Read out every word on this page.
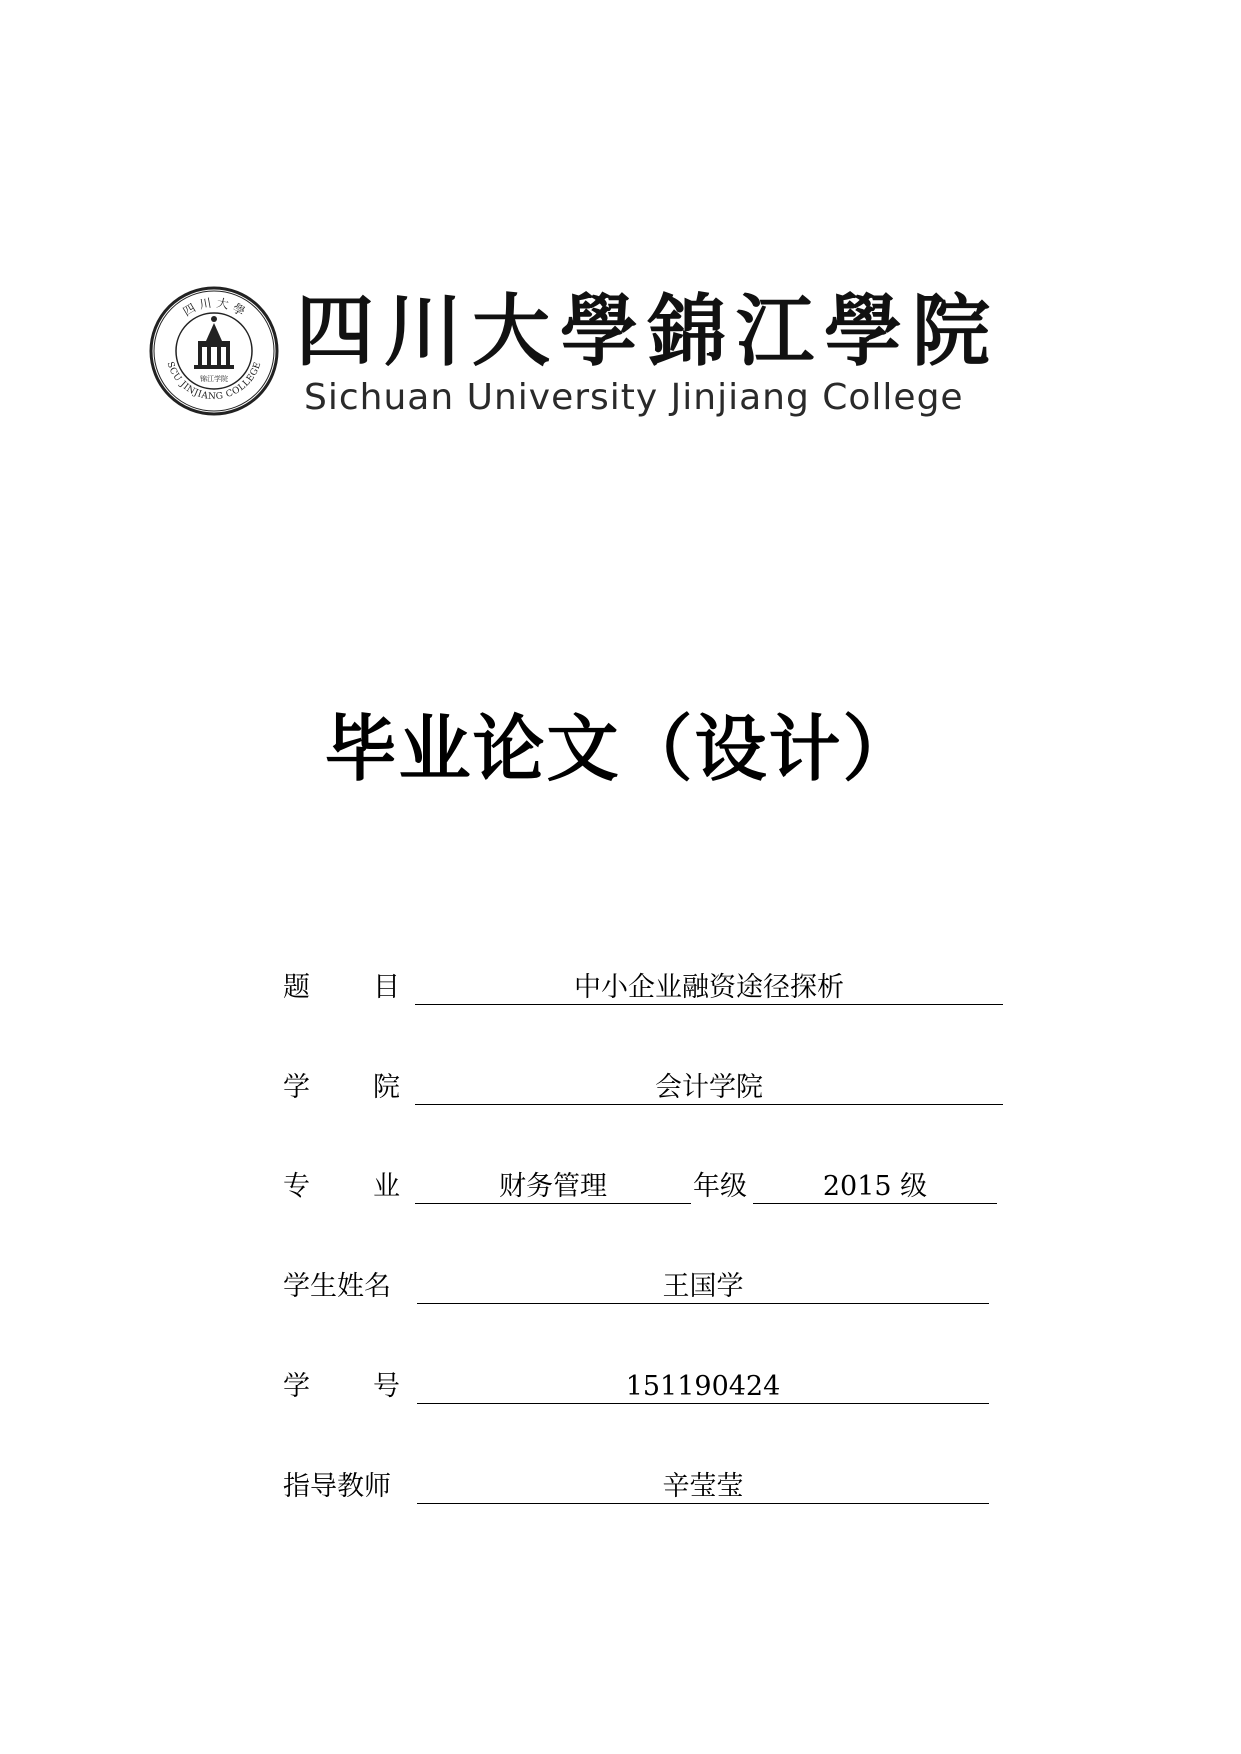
四 川 大 學
SCU JINJIANG COLLEGE
锦江学院
四川大學錦江學院
Sichuan University Jinjiang College
毕业论文（设计）
题 目	中小企业融资途径探析
学 院	会计学院
专 业	财务管理	年级	2015 级
学生姓名	王国学
学 号	151190424
指导教师	辛莹莹
